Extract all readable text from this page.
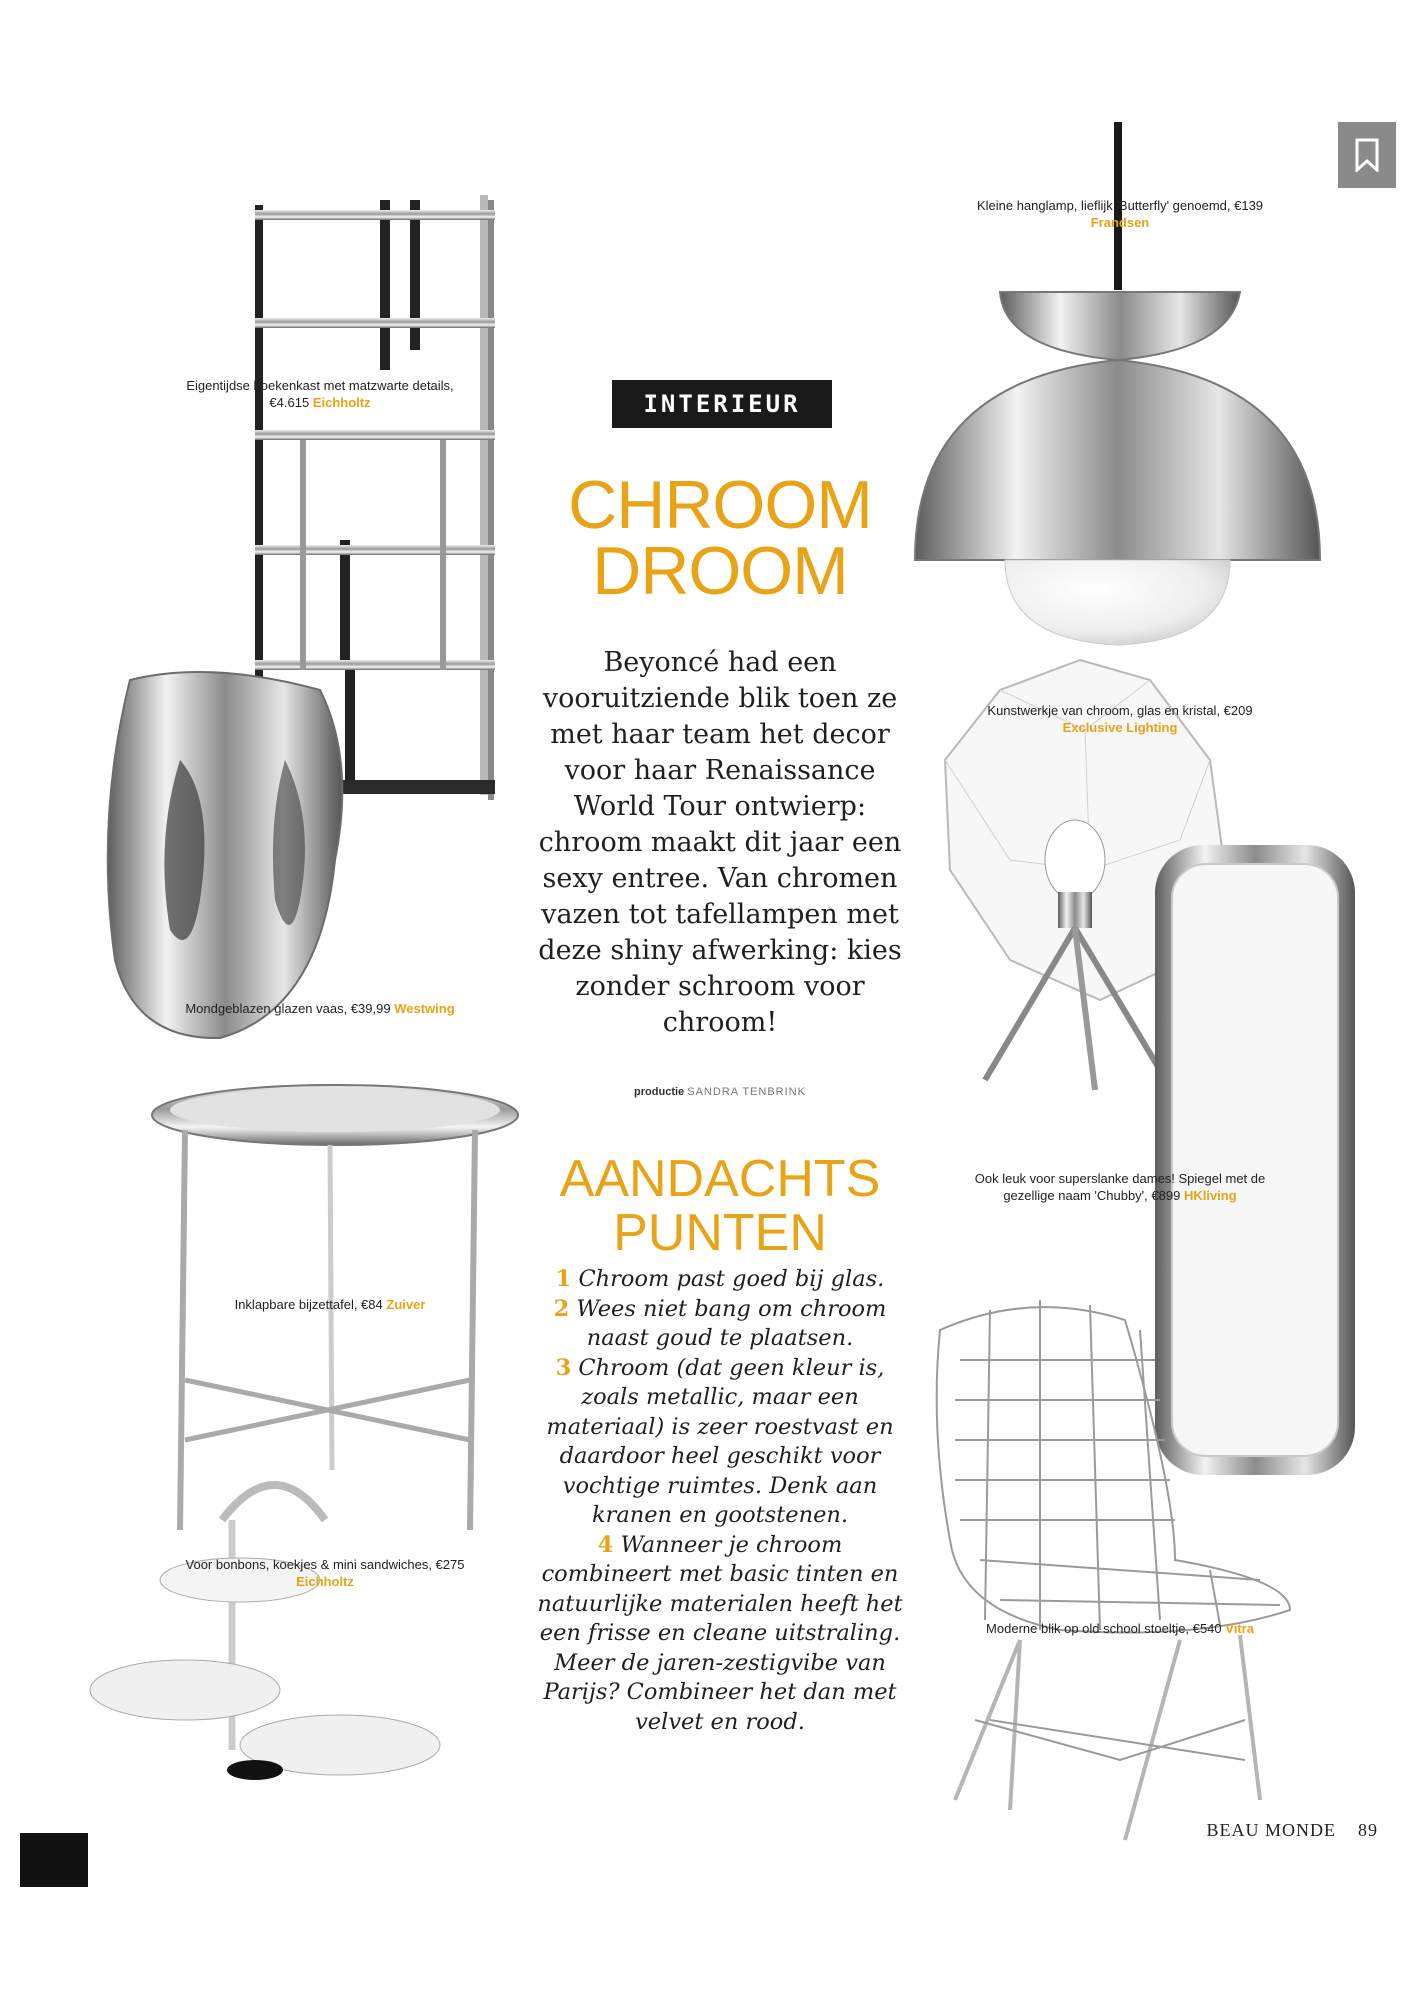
INTERIEUR
CHROOM
DROOM
Beyoncé had een vooruitziende blik toen ze met haar team het decor voor haar Renaissance World Tour ontwierp: chroom maakt dit jaar een sexy entree. Van chromen vazen tot tafellampen met deze shiny afwerking: kies zonder schroom voor chroom!
productie SANDRA TENBRINK
AANDACHTS
PUNTEN
1 Chroom past goed bij glas.
2 Wees niet bang om chroom naast goud te plaatsen.
3 Chroom (dat geen kleur is, zoals metallic, maar een materiaal) is zeer roestvast en daardoor heel geschikt voor vochtige ruimtes. Denk aan kranen en gootstenen.
4 Wanneer je chroom combineert met basic tinten en natuurlijke materialen heeft het een frisse en cleane uitstraling. Meer de jaren-zestigvibe van Parijs? Combineer het dan met velvet en rood.
Eigentijdse boekenkast met matzwarte details,
€4.615 Eichholtz
Mondgeblazen glazen vaas, €39,99 Westwing
Inklapbare bijzettafel, €84 Zuiver
Voor bonbons, koekjes & mini sandwiches, €275
Eichholtz
Kleine hanglamp, lieflijk 'Butterfly' genoemd, €139
Frandsen
Kunstwerkje van chroom, glas en kristal, €209
Exclusive Lighting
Ook leuk voor superslanke dames! Spiegel met de
gezellige naam 'Chubby', €899 HKliving
Moderne blik op old school stoeltje, €540 Vitra
BEAU MONDE 89
